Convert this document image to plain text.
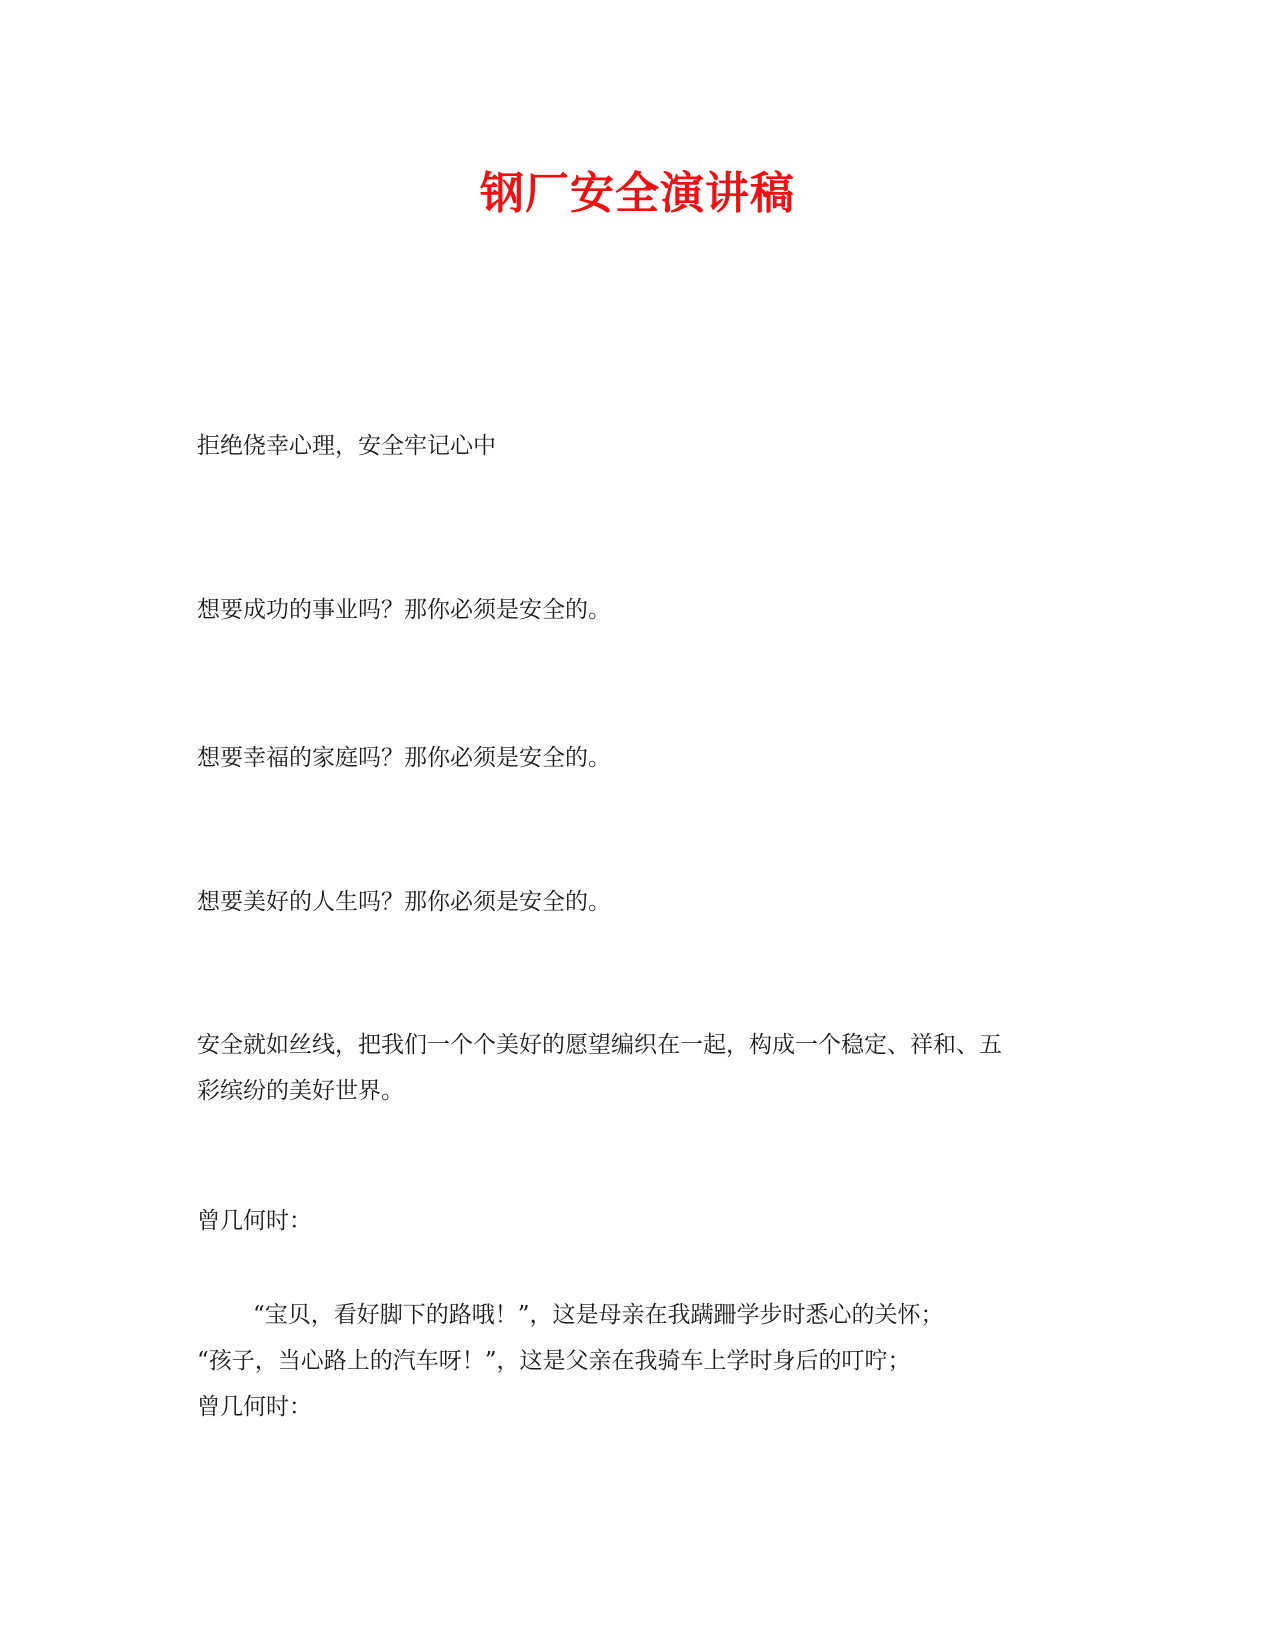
钢厂安全演讲稿
拒绝侥幸心理，安全牢记心中
想要成功的事业吗？那你必须是安全的。
想要幸福的家庭吗？那你必须是安全的。
想要美好的人生吗？那你必须是安全的。
安全就如丝线，把我们一个个美好的愿望编织在一起，构成一个稳定、祥和、五
彩缤纷的美好世界。
曾几何时：
“宝贝，看好脚下的路哦！”，这是母亲在我蹒跚学步时悉心的关怀；
“孩子，当心路上的汽车呀！”，这是父亲在我骑车上学时身后的叮咛；
曾几何时：
